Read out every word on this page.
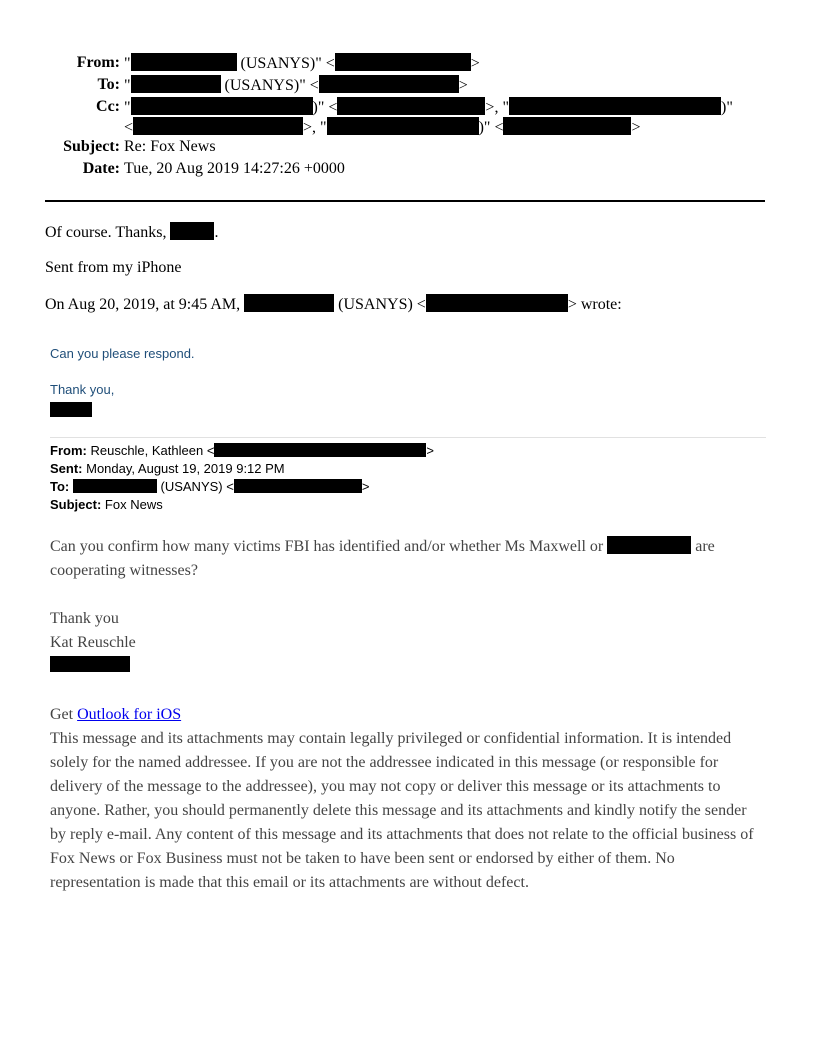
From: "	(USANYS)" <	>
To: "	(USANYS)" <	>
Cc: "	)" <	>, "	)"
<	>, "	)" <	>
Subject: Re: Fox News
Date: Tue, 20 Aug 2019 14:27:26 +0000
Of course. Thanks,	.
Sent from my iPhone
On Aug 20, 2019, at 9:45 AM,	(USANYS) <	> wrote:
Can you please respond.
Thank you,
From: Reuschle, Kathleen <	>
Sent: Monday, August 19, 2019 9:12 PM
To:	(USANYS) <	>
Subject: Fox News
Can you confirm how many victims FBI has identified and/or whether Ms Maxwell or	are
cooperating witnesses?
Thank you
Kat Reuschle
Get Outlook for iOS
This message and its attachments may contain legally privileged or confidential information. It is intended
solely for the named addressee. If you are not the addressee indicated in this message (or responsible for
delivery of the message to the addressee), you may not copy or deliver this message or its attachments to
anyone. Rather, you should permanently delete this message and its attachments and kindly notify the sender
by reply e-mail. Any content of this message and its attachments that does not relate to the official business of
Fox News or Fox Business must not be taken to have been sent or endorsed by either of them. No
representation is made that this email or its attachments are without defect.
